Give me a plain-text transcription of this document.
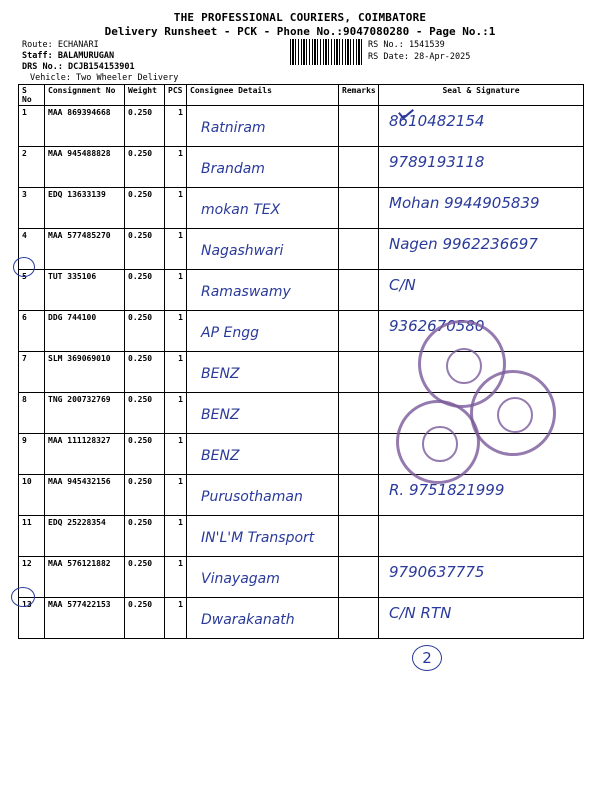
THE PROFESSIONAL COURIERS, COIMBATORE
Delivery Runsheet - PCK - Phone No.:9047080280 - Page No.:1
Route: ECHANARI
Staff: BALAMURUGAN
DRS No.: DCJB154153901
Vehicle: Two Wheeler Delivery
RS No.: 1541539
RS Date: 28-Apr-2025
S No	Consignment No	Weight	PCS	Consignee Details	Remarks	Seal & Signature
1	MAA 869394668	0.250	1	Ratniram		8610482154

2	MAA 945488828	0.250	1	Brandam		9789193118

3	EDQ 13633139	0.250	1	mokan TEX		Mohan 9944905839

4	MAA 577485270	0.250	1	Nagashwari		Nagen 9962236697

5	TUT 335106	0.250	1	Ramaswamy		C/N

6	DDG 744100	0.250	1	AP Engg		9362670580

7	SLM 369069010	0.250	1	BENZ		

8	TNG 200732769	0.250	1	BENZ		

9	MAA 111128327	0.250	1	BENZ		

10	MAA 945432156	0.250	1	Purusothaman		R. 9751821999

11	EDQ 25228354	0.250	1	IN'L'M Transport		

12	MAA 576121882	0.250	1	Vinayagam		9790637775

13	MAA 577422153	0.250	1	Dwarakanath		C/N RTN
2
